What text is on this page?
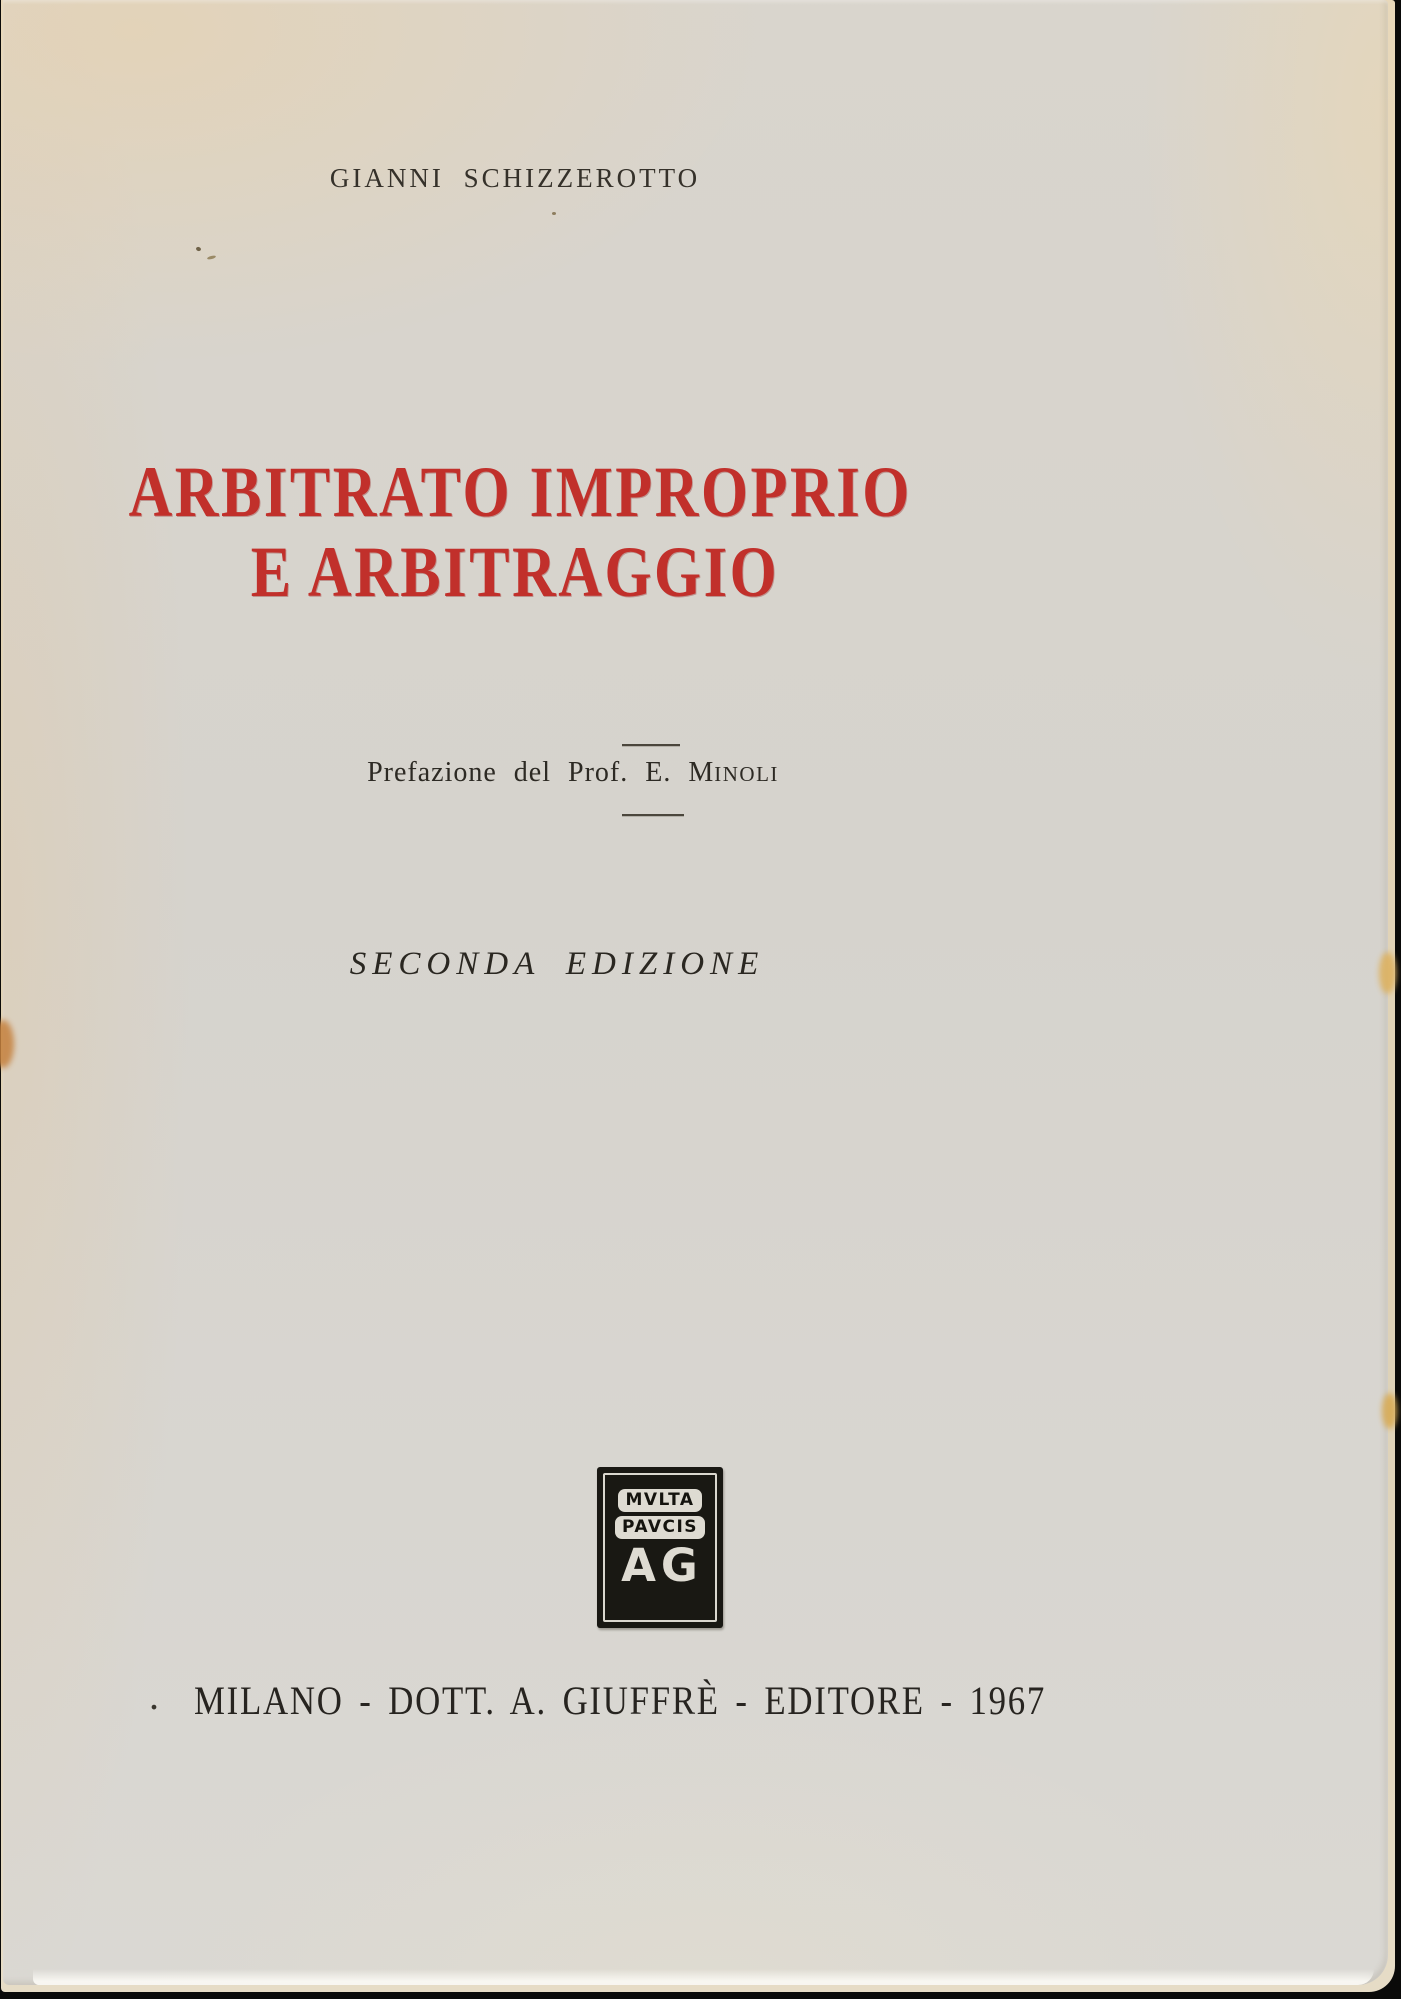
GIANNI SCHIZZEROTTO
ARBITRATO IMPROPRIO
E ARBITRAGGIO
Prefazione del Prof. E. MINOLI
SECONDA EDIZIONE
MVLTA
PAVCIS
AG
. MILANO - DOTT. A. GIUFFRÈ - EDITORE - 1967
